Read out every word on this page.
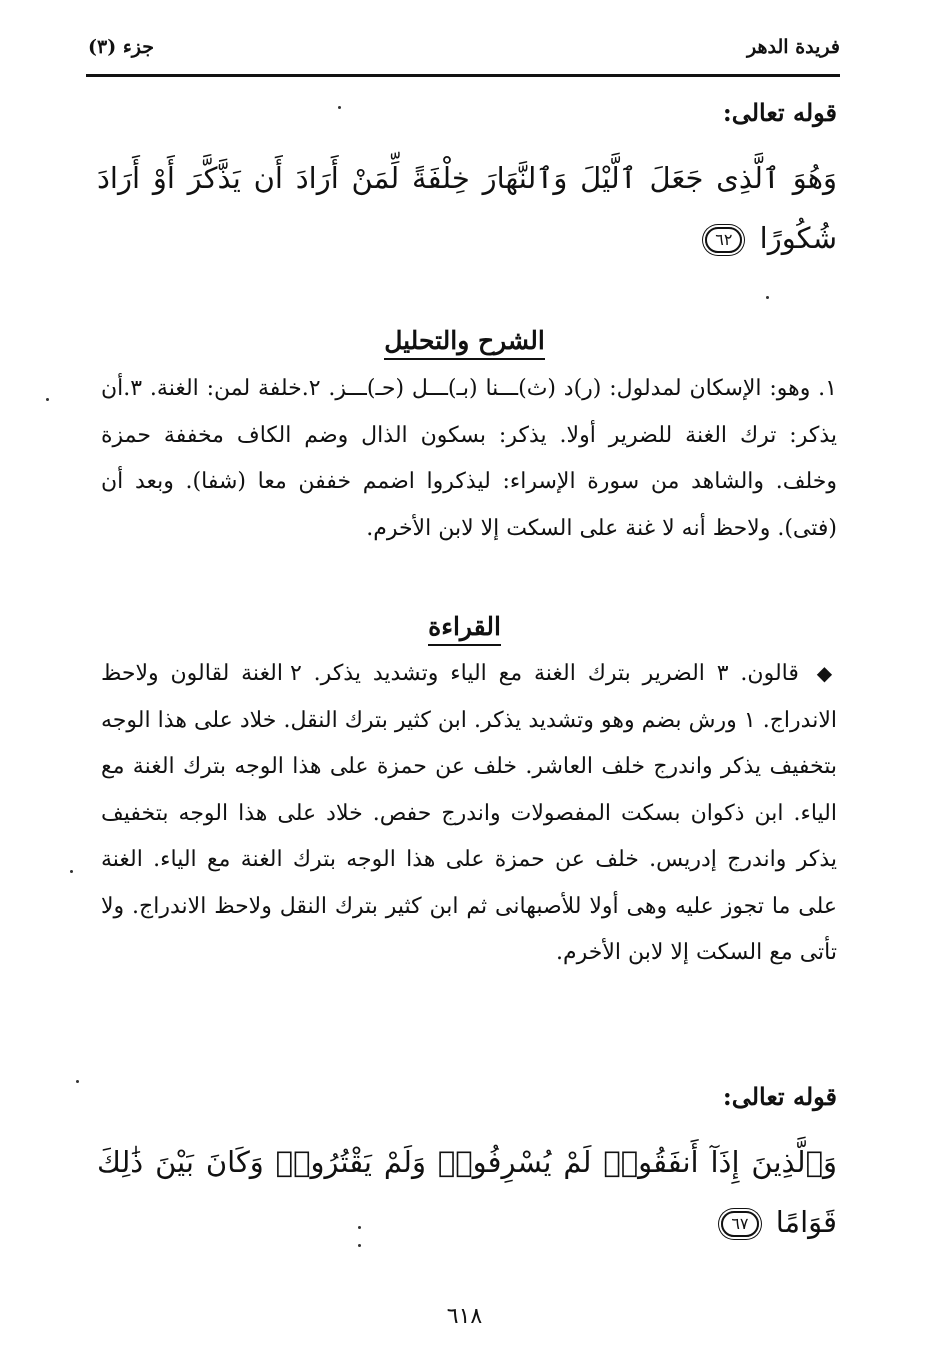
فريدة الدهر
جزء (٣)
قوله تعالى:
وَهُوَ ٱلَّذِى جَعَلَ ٱلَّيْلَ وَٱلنَّهَارَ خِلْفَةً لِّمَنْ أَرَادَ أَن يَذَّكَّرَ أَوْ أَرَادَ شُكُورًا ٦٢
الشرح والتحليل

١. وهو: الإسكان لمدلول: (ر)د (ث)ـــنا (بـ)ـــل (حـ)ـــز. ٢.خلفة لمن: الغنة. ٣.أن يذكر: ترك الغنة للضرير أولا. يذكر: بسكون الذال وضم الكاف مخففة حمزة وخلف. والشاهد من سورة الإسراء: ليذكروا اضمم خففن معا (شفا). وبعد أن (فتى). ولاحظ أنه لا غنة على السكت إلا لابن الأخرم.

القراءة

◆ قالون. ٣ الضرير بترك الغنة مع الياء وتشديد يذكر. ٢ الغنة لقالون ولاحظ الاندراج. ١ ورش بضم وهو وتشديد يذكر. ابن كثير بترك النقل. خلاد على هذا الوجه بتخفيف يذكر واندرج خلف العاشر. خلف عن حمزة على هذا الوجه بترك الغنة مع الياء. ابن ذكوان بسكت المفصولات واندرج حفص. خلاد على هذا الوجه بتخفيف يذكر واندرج إدريس. خلف عن حمزة على هذا الوجه بترك الغنة مع الياء. الغنة على ما تجوز عليه وهى أولا للأصبهانى ثم ابن كثير بترك النقل ولاحظ الاندراج. ولا تأتى مع السكت إلا لابن الأخرم.

قوله تعالى:
وَٱلَّذِينَ إِذَآ أَنفَقُوا۟ لَمْ يُسْرِفُوا۟ وَلَمْ يَقْتُرُوا۟ وَكَانَ بَيْنَ ذَٰلِكَ قَوَامًا ٦٧
٦١٨
